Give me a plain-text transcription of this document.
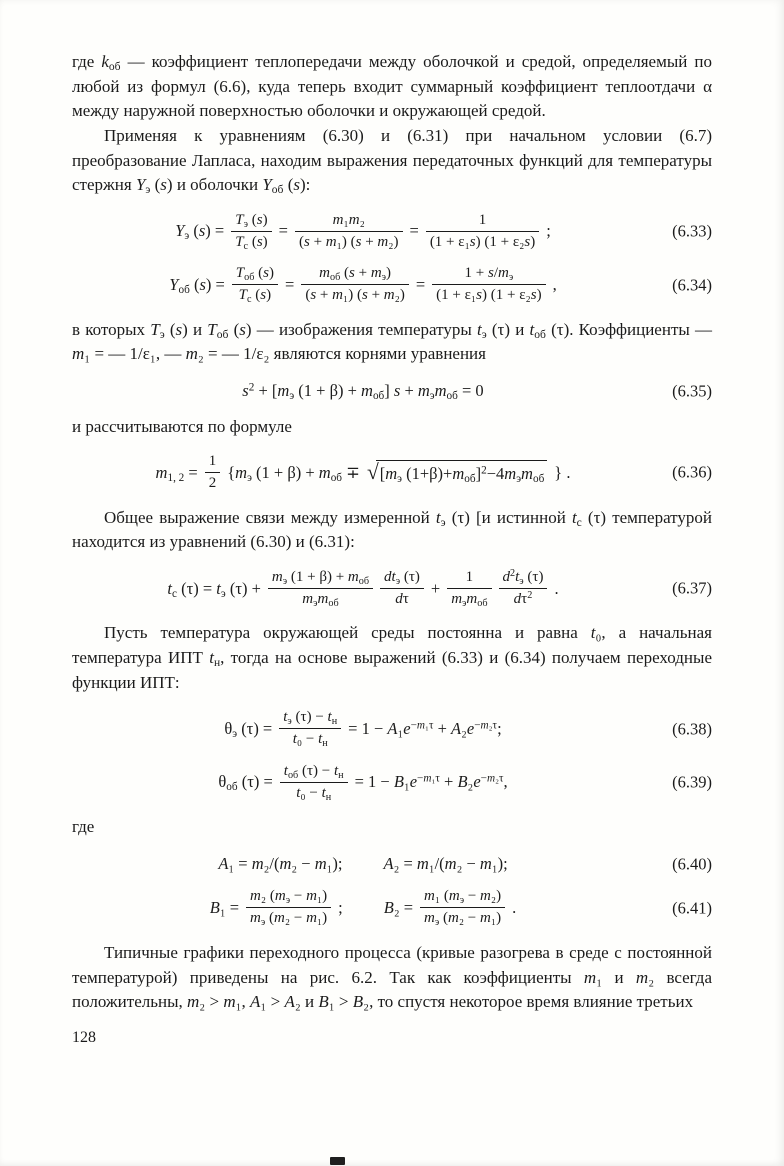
где $k_{об}$ — коэффициент теплопередачи между оболочкой и средой, определяемый по любой из формул (6.6), куда теперь входит суммарный коэффициент теплоотдачи α между наружной поверхностью оболочки и окружающей средой.

Применяя к уравнениям (6.30) и (6.31) при начальном условии (6.7) преобразование Лапласа, находим выражения передаточных функций для температуры стержня $Y_э$ (s) и оболочки $Y_{об}$ (s):

$Y_э$ $(s) = \frac{T_э (s)}{T_с (s)} = \frac{\text{m₁m₂}}{\text{(s + m₁) (s + m₂)}} = \frac{1}{\text{(1 + ε₁s) (1 + ε₂s)}}$ ;	(6.33)
$Y_{об}$ $(s) = \frac{T_{об} (s)}{T_с (s)} = \frac{m_{об} (s + m_э)}{\text{(s + m₁) (s + m₂)}} = \frac{1 + s/m_э}{\text{(1 + ε₁s) (1 + ε₂s)}}$ ,	(6.34)

в которых $T_э$ (s) и $T_{об}$ (s) — изображения температуры $t_э$ (τ) и $t_{об}$ (τ). Коэффициенты — m₁ = — 1/ε₁, — m₂ = — 1/ε₂ являются корнями уравнения

$s^2 + [m_э$ $(1 + \beta) + m_{об}$] $s + m_эm_{об} = 0$	(6.35)

и рассчитываются по формуле

$m_{1, 2} = \frac{1}{2} \{m_э$ $(1 + \beta) + m_{об}$ ∓ √ [$m_э$ $(1+\beta)+m_{об}]^2-4m_эm_{об}$ } .	(6.36)

Общее выражение связи между измеренной $t_э$ (τ) [и истинной $t_с$ (τ) температурой находится из уравнений (6.30) и (6.31):

$t_с$ $(\tau) = t_э$ $(\tau) + \frac{m_э (1 + \beta) + m_{об}}{m_эm_{об}} \frac{dt_э (\tau)}{d\tau} + \frac{1}{m_эm_{об}} \frac{d^2t_э (\tau)}{d\tau^2}$ .	(6.37)

Пусть температура окружающей среды постоянна и равна t₀, а начальная температура ИПТ $t_н$, тогда на основе выражений (6.33) и (6.34) получаем переходные функции ИПТ:

$\theta_э$ $(\tau) = \frac{t_э (\tau) - t_н}{t_0 - t_н} = 1 - A_1e^{-m_1\tau} + A_2e^{-m_2\tau}$;	(6.38)
$\theta_{об}$ $(\tau) = \frac{t_{об} (\tau) - t_н}{t_0 - t_н} = 1 - B_1e^{-m_1\tau} + B_2e^{-m_2\tau}$,	(6.39)

где

A₁ = m₂/(m₂ − m₁); A₂ = m₁/(m₂ − m₁);	(6.40)
$B_1 = \frac{m_2 (m_э - m_1)}{m_э (m_2 - m_1)}$ ; $B_2 = \frac{m_1 (m_э - m_2)}{m_э (m_2 - m_1)}$ .	(6.41)

Типичные графики переходного процесса (кривые разогрева в среде с постоянной температурой) приведены на рис. 6.2. Так как коэффициенты m₁ и m₂ всегда положительны, m₂ > m₁, A₁ > A₂ и B₁ > B₂, то спустя некоторое время влияние третьих

128
